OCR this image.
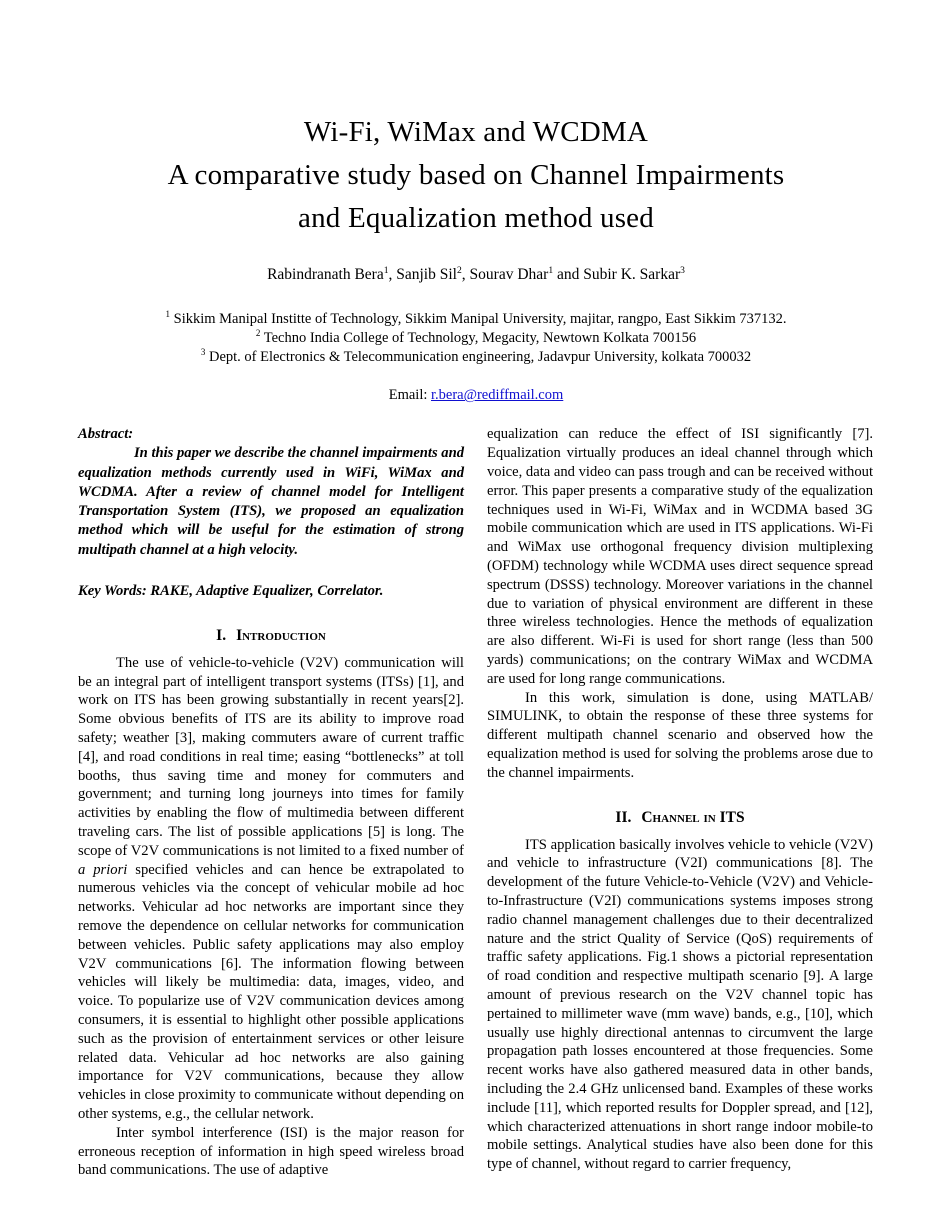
Wi-Fi, WiMax and WCDMA
A comparative study based on Channel Impairments
and Equalization method used
Rabindranath Bera$^1$, Sanjib Sil$^2$, Sourav Dhar$^1$ and Subir K. Sarkar$^3$
$^1$ Sikkim Manipal Institte of Technology, Sikkim Manipal University, majitar, rangpo, East Sikkim 737132.
$^2$ Techno India College of Technology, Megacity, Newtown Kolkata 700156
$^3$ Dept. of Electronics & Telecommunication engineering, Jadavpur University, kolkata 700032
Email: r.bera@rediffmail.com
Abstract:

In this paper we describe the channel impairments and equalization methods currently used in WiFi, WiMax and WCDMA. After a review of channel model for Intelligent Transportation System (ITS), we proposed an equalization method which will be useful for the estimation of strong multipath channel at a high velocity.

Key Words: RAKE, Adaptive Equalizer, Correlator.

I. Introduction

The use of vehicle-to-vehicle (V2V) communication will be an integral part of intelligent transport systems (ITSs) [1], and work on ITS has been growing substantially in recent years[2]. Some obvious benefits of ITS are its ability to improve road safety; weather [3], making commuters aware of current traffic [4], and road conditions in real time; easing “bottlenecks” at toll booths, thus saving time and money for commuters and government; and turning long journeys into times for family activities by enabling the flow of multimedia between different traveling cars. The list of possible applications [5] is long. The scope of V2V communications is not limited to a fixed number of a priori specified vehicles and can hence be extrapolated to numerous vehicles via the concept of vehicular mobile ad hoc networks. Vehicular ad hoc networks are important since they remove the dependence on cellular networks for communication between vehicles. Public safety applications may also employ V2V communications [6]. The information flowing between vehicles will likely be multimedia: data, images, video, and voice. To popularize use of V2V communication devices among consumers, it is essential to highlight other possible applications such as the provision of entertainment services or other leisure related data. Vehicular ad hoc networks are also gaining importance for V2V communications, because they allow vehicles in close proximity to communicate without depending on other systems, e.g., the cellular network.

Inter symbol interference (ISI) is the major reason for erroneous reception of information in high speed wireless broad band communications. The use of adaptive

equalization can reduce the effect of ISI significantly [7]. Equalization virtually produces an ideal channel through which voice, data and video can pass trough and can be received without error. This paper presents a comparative study of the equalization techniques used in Wi-Fi, WiMax and in WCDMA based 3G mobile communication which are used in ITS applications. Wi-Fi and WiMax use orthogonal frequency division multiplexing (OFDM) technology while WCDMA uses direct sequence spread spectrum (DSSS) technology. Moreover variations in the channel due to variation of physical environment are different in these three wireless technologies. Hence the methods of equalization are also different. Wi-Fi is used for short range (less than 500 yards) communications; on the contrary WiMax and WCDMA are used for long range communications.

In this work, simulation is done, using MATLAB/ SIMULINK, to obtain the response of these three systems for different multipath channel scenario and observed how the equalization method is used for solving the problems arose due to the channel impairments.

II. Channel in ITS

ITS application basically involves vehicle to vehicle (V2V) and vehicle to infrastructure (V2I) communications [8]. The development of the future Vehicle-to-Vehicle (V2V) and Vehicle-to-Infrastructure (V2I) communications systems imposes strong radio channel management challenges due to their decentralized nature and the strict Quality of Service (QoS) requirements of traffic safety applications. Fig.1 shows a pictorial representation of road condition and respective multipath scenario [9]. A large amount of previous research on the V2V channel topic has pertained to millimeter wave (mm wave) bands, e.g., [10], which usually use highly directional antennas to circumvent the large propagation path losses encountered at those frequencies. Some recent works have also gathered measured data in other bands, including the 2.4 GHz unlicensed band. Examples of these works include [11], which reported results for Doppler spread, and [12], which characterized attenuations in short range indoor mobile-to mobile settings. Analytical studies have also been done for this type of channel, without regard to carrier frequency,
